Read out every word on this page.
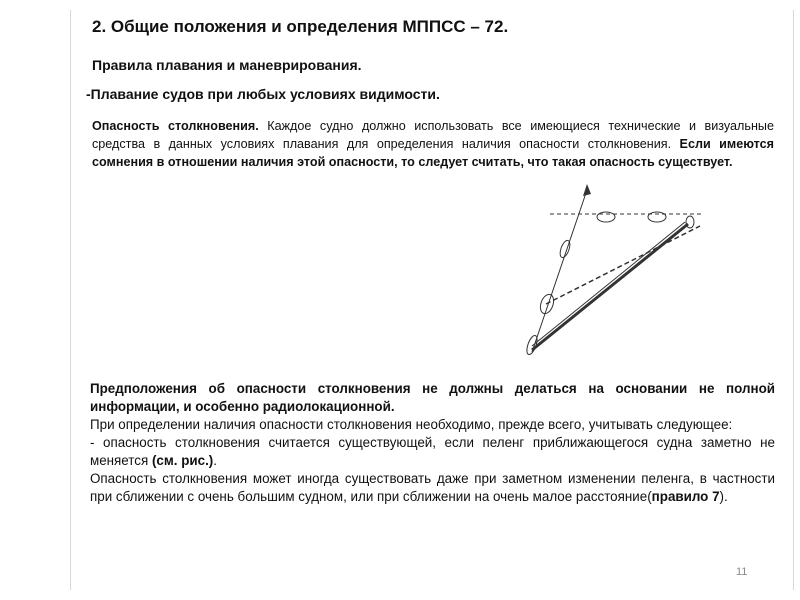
2. Общие положения и определения МППСС – 72.
Правила плавания и маневрирования.
-Плавание судов при любых условиях видимости.
Опасность столкновения. Каждое судно должно использовать все имеющиеся технические и визуальные средства в данных условиях плавания для определения наличия опасности столкновения. Если имеются сомнения в отношении наличия этой опасности, то следует считать, что такая опасность существует.

Предположения об опасности столкновения не должны делаться на основании не полной информации, и особенно радиолокационной.

При определении наличия опасности столкновения необходимо, прежде всего, учитывать следующее:

- опасность столкновения считается существующей, если пеленг приближающегося судна заметно не меняется (см. рис.).

Опасность столкновения может иногда существовать даже при заметном изменении пеленга, в частности при сближении с очень большим судном, или при сближении на очень малое расстояние(правило 7).

11
